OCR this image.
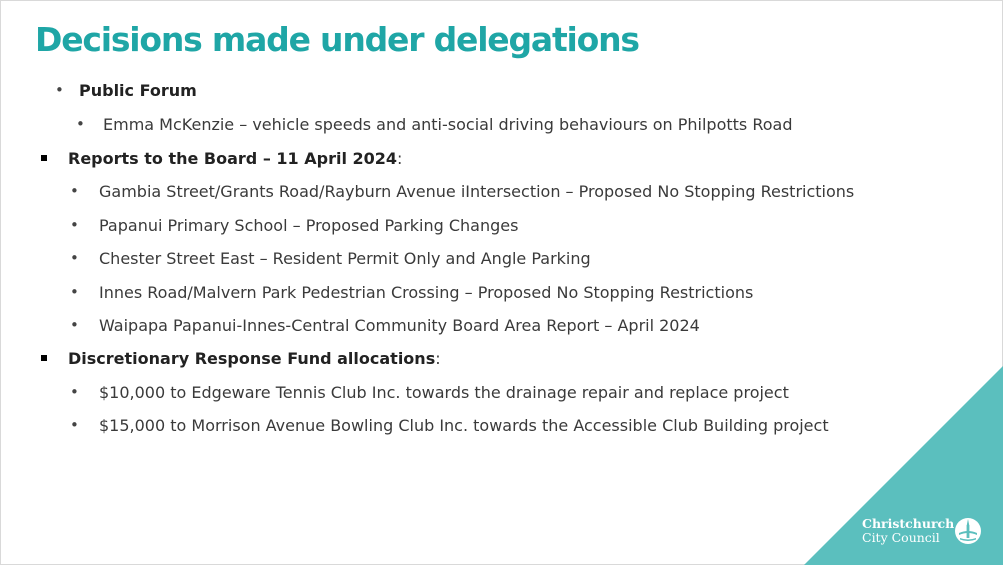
Decisions made under delegations
• Public Forum
• Emma McKenzie – vehicle speeds and anti-social driving behaviours on Philpotts Road
Reports to the Board – 11 April 2024:
• Gambia Street/Grants Road/Rayburn Avenue iIntersection – Proposed No Stopping Restrictions
• Papanui Primary School – Proposed Parking Changes
• Chester Street East – Resident Permit Only and Angle Parking
• Innes Road/Malvern Park Pedestrian Crossing – Proposed No Stopping Restrictions
• Waipapa Papanui-Innes-Central Community Board Area Report – April 2024
Discretionary Response Fund allocations:
• $10,000 to Edgeware Tennis Club Inc. towards the drainage repair and replace project
• $15,000 to Morrison Avenue Bowling Club Inc. towards the Accessible Club Building project
Christchurch
City Council
